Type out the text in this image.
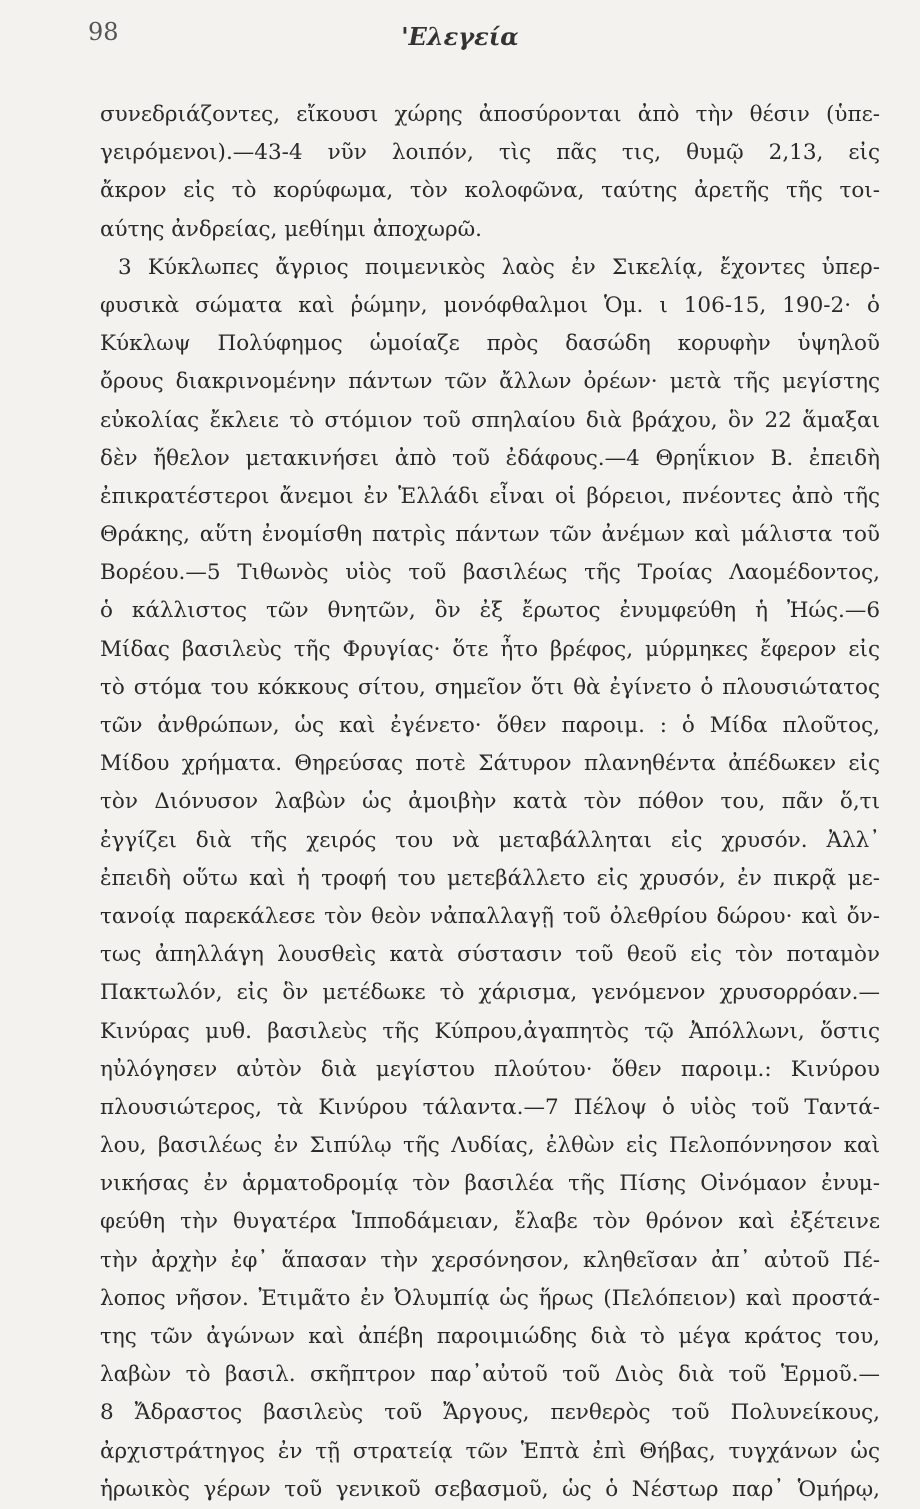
98	'Ελεγεία
συνεδριάζοντες, εἴκουσι χώρης ἀποσύρονται ἀπὸ τὴν θέσιν (ὑπε-
γειρόμενοι).—43-4 νῦν λοιπόν, τὶς πᾶς τις, θυμῷ 2,13, εἰς
ἄκρον εἰς τὸ κορύφωμα, τὸν κολοφῶνα, ταύτης ἀρετῆς τῆς τοι-
αύτης ἀνδρείας, μεθίημι ἀποχωρῶ.
3 Κύκλωπες ἄγριος ποιμενικὸς λαὸς ἐν Σικελίᾳ, ἔχοντες ὑπερ-
φυσικὰ σώματα καὶ ῥώμην, μονόφθαλμοι Ὁμ. ι 106-15, 190-2· ὁ
Κύκλωψ Πολύφημος ὡμοίαζε πρὸς δασώδη κορυφὴν ὑψηλοῦ
ὄρους διακρινομένην πάντων τῶν ἄλλων ὀρέων· μετὰ τῆς μεγίστης
εὐκολίας ἔκλειε τὸ στόμιον τοῦ σπηλαίου διὰ βράχου, ὃν 22 ἅμαξαι
δὲν ἤθελον μετακινήσει ἀπὸ τοῦ ἐδάφους.—4 Θρηΐκιον Β. ἐπειδὴ
ἐπικρατέστεροι ἄνεμοι ἐν Ἑλλάδι εἶναι οἱ βόρειοι, πνέοντες ἀπὸ τῆς
Θράκης, αὕτη ἐνομίσθη πατρὶς πάντων τῶν ἀνέμων καὶ μάλιστα τοῦ
Βορέου.—5 Τιθωνὸς υἱὸς τοῦ βασιλέως τῆς Τροίας Λαομέδοντος,
ὁ κάλλιστος τῶν θνητῶν, ὃν ἐξ ἔρωτος ἐνυμφεύθη ἡ Ἠώς.—6
Μίδας βασιλεὺς τῆς Φρυγίας· ὅτε ἦτο βρέφος, μύρμηκες ἔφερον εἰς
τὸ στόμα του κόκκους σίτου, σημεῖον ὅτι θὰ ἐγίνετο ὁ πλουσιώτατος
τῶν ἀνθρώπων, ὡς καὶ ἐγένετο· ὅθεν παροιμ. : ὁ Μίδα πλοῦτος,
Μίδου χρήματα. Θηρεύσας ποτὲ Σάτυρον πλανηθέντα ἀπέδωκεν εἰς
τὸν Διόνυσον λαβὼν ὡς ἀμοιβὴν κατὰ τὸν πόθον του, πᾶν ὅ,τι
ἐγγίζει διὰ τῆς χειρός του νὰ μεταβάλληται εἰς χρυσόν. Ἀλλ᾽
ἐπειδὴ οὕτω καὶ ἡ τροφή του μετεβάλλετο εἰς χρυσόν, ἐν πικρᾷ με-
τανοίᾳ παρεκάλεσε τὸν θεὸν νἀπαλλαγῇ τοῦ ὀλεθρίου δώρου· καὶ ὄν-
τως ἀπηλλάγη λουσθεὶς κατὰ σύστασιν τοῦ θεοῦ εἰς τὸν ποταμὸν
Πακτωλόν, εἰς ὃν μετέδωκε τὸ χάρισμα, γενόμενον χρυσορρόαν.—
Κινύρας μυθ. βασιλεὺς τῆς Κύπρου,ἀγαπητὸς τῷ Ἀπόλλωνι, ὅστις
ηὐλόγησεν αὐτὸν διὰ μεγίστου πλούτου· ὅθεν παροιμ.: Κινύρου
πλουσιώτερος, τὰ Κινύρου τάλαντα.—7 Πέλοψ ὁ υἱὸς τοῦ Ταντά-
λου, βασιλέως ἐν Σιπύλῳ τῆς Λυδίας, ἐλθὼν εἰς Πελοπόννησον καὶ
νικήσας ἐν ἁρματοδρομίᾳ τὸν βασιλέα τῆς Πίσης Οἰνόμαον ἐνυμ-
φεύθη τὴν θυγατέρα Ἱπποδάμειαν, ἔλαβε τὸν θρόνον καὶ ἐξέτεινε
τὴν ἀρχὴν ἐφ᾽ ἅπασαν τὴν χερσόνησον, κληθεῖσαν ἀπ᾽ αὐτοῦ Πέ-
λοπος νῆσον. Ἐτιμᾶτο ἐν Ὀλυμπίᾳ ὡς ἥρως (Πελόπειον) καὶ προστά-
της τῶν ἀγώνων καὶ ἀπέβη παροιμιώδης διὰ τὸ μέγα κράτος του,
λαβὼν τὸ βασιλ. σκῆπτρον παρ᾽αὐτοῦ τοῦ Διὸς διὰ τοῦ Ἑρμοῦ.—
8 Ἄδραστος βασιλεὺς τοῦ Ἄργους, πενθερὸς τοῦ Πολυνείκους,
ἀρχιστράτηγος ἐν τῇ στρατείᾳ τῶν Ἑπτὰ ἐπὶ Θήβας, τυγχάνων ὡς
ἡρωικὸς γέρων τοῦ γενικοῦ σεβασμοῦ, ὡς ὁ Νέστωρ παρ᾽ Ὁμήρῳ,
